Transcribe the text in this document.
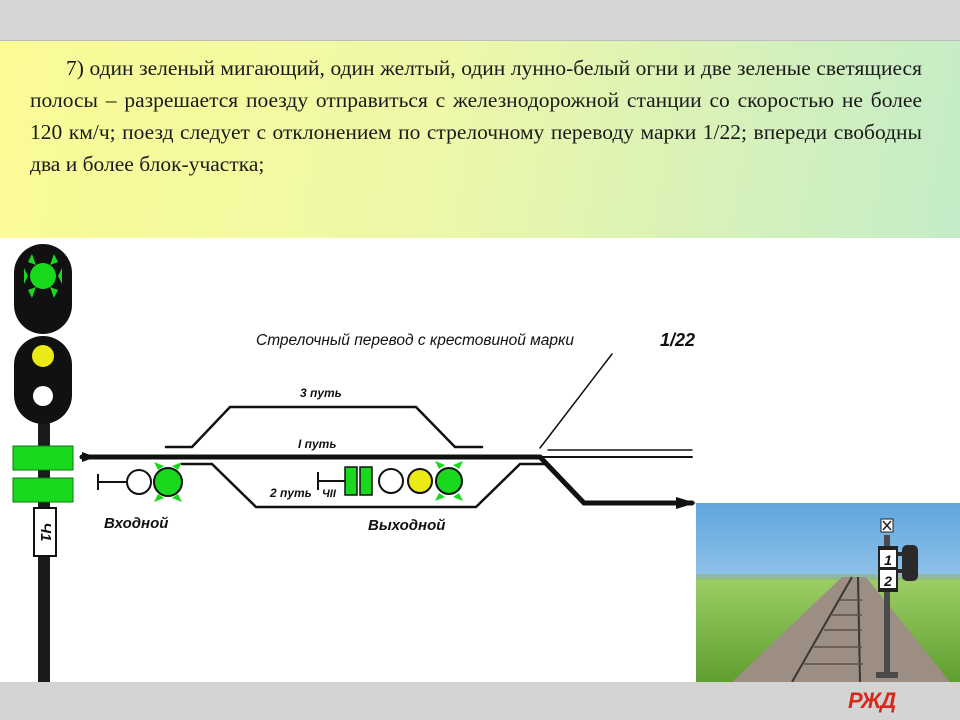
7) один зеленый мигающий, один желтый, один лунно-белый огни и две зеленые светящиеся полосы – разрешается поезду отправиться с железнодорожной станции со скоростью не более 120 км/ч; поезд следует с отклонением по стрелочному переводу марки 1/22; впереди свободны два и более блок-участка;

Ч1	Входной	Выходной
3 путь
I путь
2 путь ЧII
Стрелочный перевод с крестовиной марки	1/22
1
2
РЖД
